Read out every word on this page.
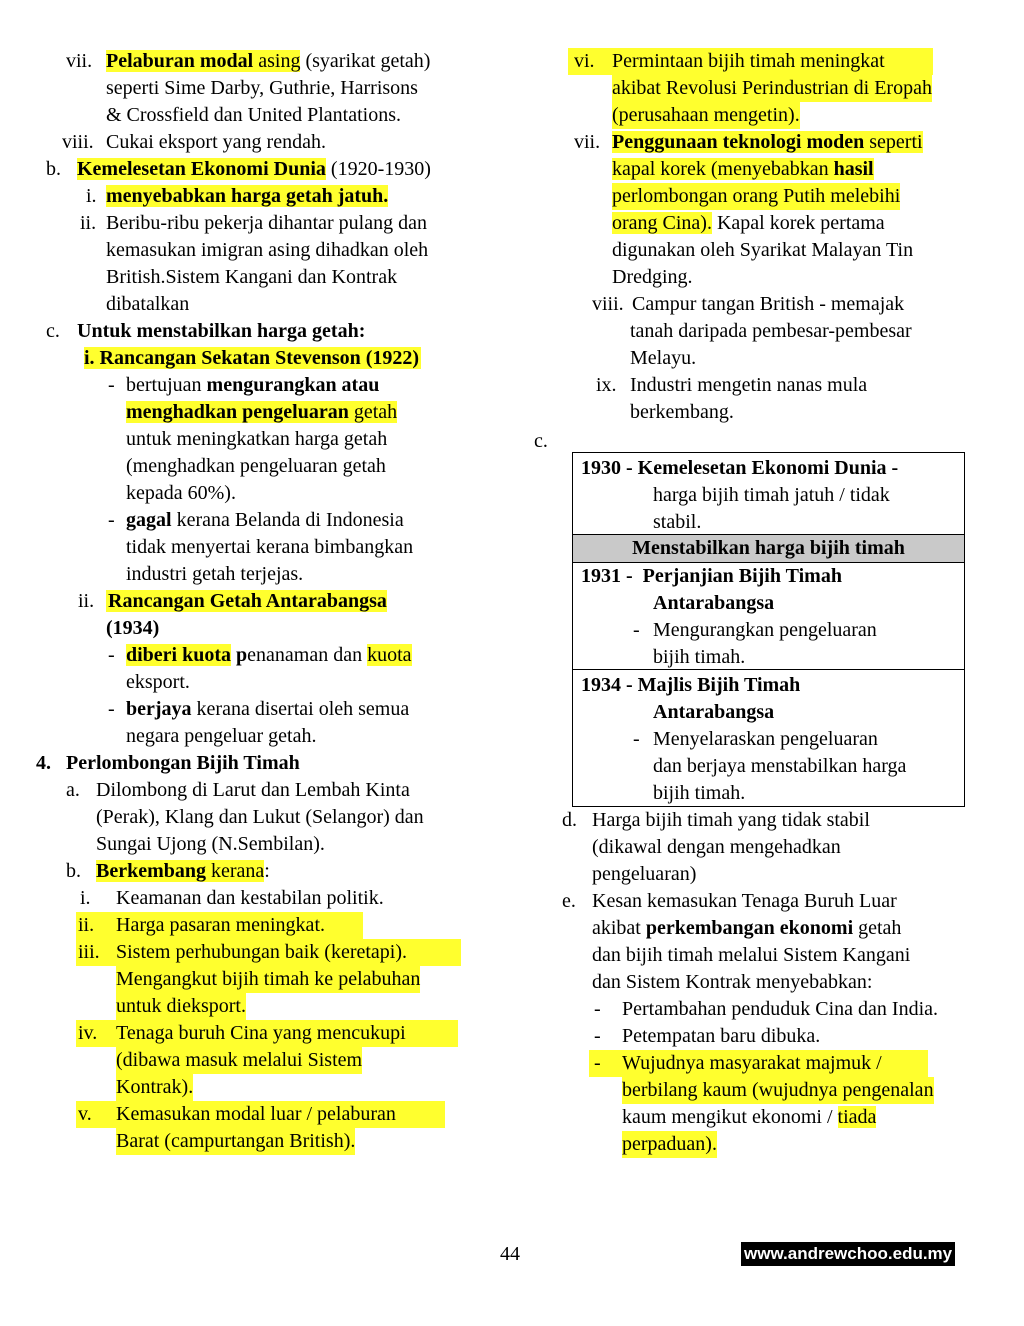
vii. Pelaburan modal asing (syarikat getah)
seperti Sime Darby, Guthrie, Harrisons
& Crossfield dan United Plantations.
viii. Cukai eksport yang rendah.
b. Kemelesetan Ekonomi Dunia (1920-1930)
i. menyebabkan harga getah jatuh.
ii. Beribu-ribu pekerja dihantar pulang dan
kemasukan imigran asing dihadkan oleh
British.Sistem Kangani dan Kontrak
dibatalkan
c. Untuk menstabilkan harga getah:
i. Rancangan Sekatan Stevenson (1922)
- bertujuan mengurangkan atau
menghadkan pengeluaran getah
untuk meningkatkan harga getah
(menghadkan pengeluaran getah
kepada 60%).
- gagal kerana Belanda di Indonesia
tidak menyertai kerana bimbangkan
industri getah terjejas.
ii. Rancangan Getah Antarabangsa
(1934)
- diberi kuota penanaman dan kuota
eksport.
- berjaya kerana disertai oleh semua
negara pengeluar getah.
4. Perlombongan Bijih Timah
a. Dilombong di Larut dan Lembah Kinta
(Perak), Klang dan Lukut (Selangor) dan
Sungai Ujong (N.Sembilan).
b. Berkembang kerana:
i. Keamanan dan kestabilan politik.
ii. Harga pasaran meningkat.
iii. Sistem perhubungan baik (keretapi).
Mengangkut bijih timah ke pelabuhan
untuk dieksport.
iv. Tenaga buruh Cina yang mencukupi
(dibawa masuk melalui Sistem
Kontrak).
v. Kemasukan modal luar / pelaburan
Barat (campurtangan British).
vi. Permintaan bijih timah meningkat
akibat Revolusi Perindustrian di Eropah
(perusahaan mengetin).
vii. Penggunaan teknologi moden seperti
kapal korek (menyebabkan hasil
perlombongan orang Putih melebihi
orang Cina). Kapal korek pertama
digunakan oleh Syarikat Malayan Tin
Dredging.
viii. Campur tangan British - memajak
tanah daripada pembesar-pembesar
Melayu.
ix. Industri mengetin nanas mula
berkembang.
c.
1930 - Kemelesetan Ekonomi Dunia -
harga bijih timah jatuh / tidak
stabil.
Menstabilkan harga bijih timah
1931 -  Perjanjian Bijih Timah
Antarabangsa
-Mengurangkan pengeluaran
bijih timah.
1934 - Majlis Bijih Timah
Antarabangsa
-Menyelaraskan pengeluaran
dan berjaya menstabilkan harga
bijih timah.
d. Harga bijih timah yang tidak stabil
(dikawal dengan mengehadkan
pengeluaran)
e. Kesan kemasukan Tenaga Buruh Luar
akibat perkembangan ekonomi getah
dan bijih timah melalui Sistem Kangani
dan Sistem Kontrak menyebabkan:
- Pertambahan penduduk Cina dan India.
- Petempatan baru dibuka.
- Wujudnya masyarakat majmuk /
berbilang kaum (wujudnya pengenalan
kaum mengikut ekonomi / tiada
perpaduan).
44	www.andrewchoo.edu.my
